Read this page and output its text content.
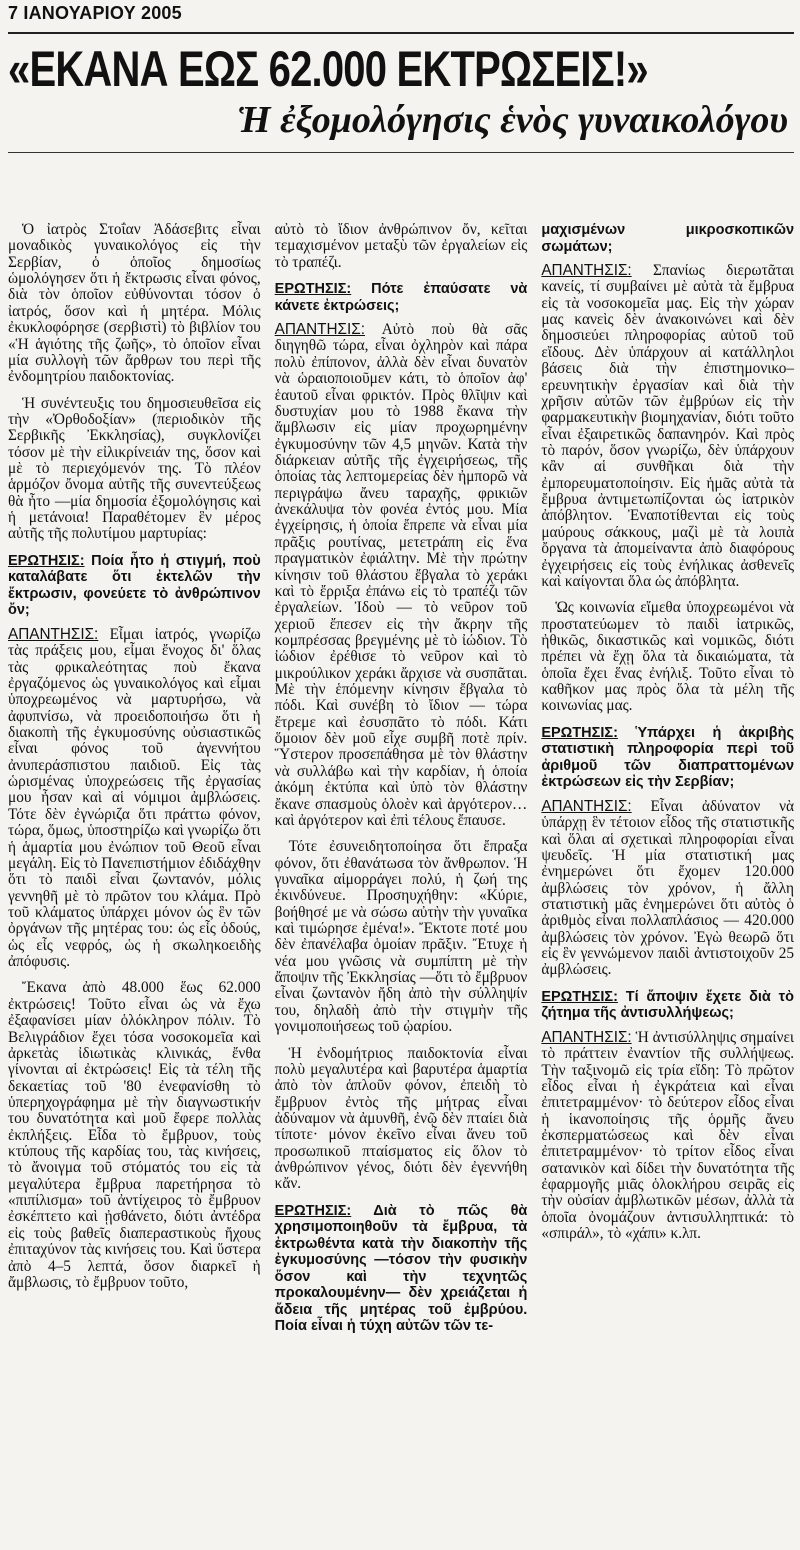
7 ΙΑΝΟΥΑΡΙΟΥ 2005
«ΕΚΑΝΑ ΕΩΣ 62.000 ΕΚΤΡΩΣΕΙΣ!»
Ἡ ἐξομολόγησις ἑνὸς γυναικολόγου

Ὁ ἰατρὸς Στοΐαν Ἀδάσεβιτς εἶναι μοναδικὸς γυναικολόγος εἰς τὴν Σερβίαν, ὁ ὁποῖος δημοσίως ὡμολόγησεν ὅτι ἡ ἔκτρωσις εἶναι φόνος, διὰ τὸν ὁποῖον εὐθύνονται τόσον ὁ ἰατρός, ὅσον καὶ ἡ μητέρα. Μόλις ἐκυκλοφόρησε (σερβιστὶ) τὸ βιβλίον του «Ἡ ἁγιότης τῆς ζωῆς», τὸ ὁποῖον εἶναι μία συλλογὴ τῶν ἄρθρων του περὶ τῆς ἐνδομητρίου παιδοκτονίας.

Ἡ συνέντευξις του δημοσιευθεῖσα εἰς τὴν «Ὀρθοδοξίαν» (περιοδικὸν τῆς Σερβικῆς Ἐκκλησίας), συγκλονίζει τόσον μὲ τὴν εἰλικρίνειάν της, ὅσον καὶ μὲ τὸ περιεχόμενόν της. Τὸ πλέον ἁρμόζον ὄνομα αὐτῆς τῆς συνεντεύξεως θὰ ἦτο —μία δημοσία ἐξομολόγησις καὶ ἡ μετάνοια! Παραθέτομεν ἓν μέρος αὐτῆς τῆς πολυτίμου μαρτυρίας:

ΕΡΩΤΗΣΙΣ: Ποία ἦτο ἡ στιγμή, ποὺ καταλάβατε ὅτι ἐκτελῶν τὴν ἔκτρωσιν, φονεύετε τὸ ἀνθρώπινον ὄν;

ΑΠΑΝΤΗΣΙΣ: Εἶμαι ἰατρός, γνωρίζω τὰς πράξεις μου, εἶμαι ἔνοχος δι' ὅλας τὰς φρικαλεότητας ποὺ ἔκανα ἐργαζόμενος ὡς γυναικολόγος καὶ εἶμαι ὑποχρεωμένος νὰ μαρτυρήσω, νὰ ἀφυπνίσω, νὰ προειδοποιήσω ὅτι ἡ διακοπὴ τῆς ἐγκυμοσύνης οὐσιαστικῶς εἶναι φόνος τοῦ ἀγεννήτου ἀνυπεράσπιστου παιδιοῦ. Εἰς τὰς ὡρισμένας ὑποχρεώσεις τῆς ἐργασίας μου ἦσαν καὶ αἱ νόμιμοι ἀμβλώσεις. Τότε δὲν ἐγνώριζα ὅτι πράττω φόνον, τώρα, ὅμως, ὑποστηρίζω καὶ γνωρίζω ὅτι ἡ ἁμαρτία μου ἐνώπιον τοῦ Θεοῦ εἶναι μεγάλη. Εἰς τὸ Πανεπιστήμιον ἐδιδάχθην ὅτι τὸ παιδὶ εἶναι ζωντανόν, μόλις γεννηθῆ μὲ τὸ πρῶτον του κλάμα. Πρὸ τοῦ κλάματος ὑπάρχει μόνον ὡς ἓν τῶν ὀργάνων τῆς μητέρας του: ὡς εἷς ὀδούς, ὡς εἷς νεφρός, ὡς ἡ σκωληκοειδὴς ἀπόφυσις.

Ἔκανα ἀπὸ 48.000 ἕως 62.000 ἐκτρώσεις! Τοῦτο εἶναι ὡς νὰ ἔχω ἐξαφανίσει μίαν ὁλόκληρον πόλιν. Τὸ Βελιγράδιον ἔχει τόσα νοσοκομεῖα καὶ ἀρκετὰς ἰδιωτικὰς κλινικάς, ἔνθα γίνονται αἱ ἐκτρώσεις! Εἰς τὰ τέλη τῆς δεκαετίας τοῦ '80 ἐνεφανίσθη τὸ ὑπερηχογράφημα μὲ τὴν διαγνωστικήν του δυνατότητα καὶ μοῦ ἔφερε πολλὰς ἐκπλήξεις. Εἶδα τὸ ἔμβρυον, τοὺς κτύπους τῆς καρδίας του, τὰς κινήσεις, τὸ ἄνοιγμα τοῦ στόματός του εἰς τὰ μεγαλύτερα ἔμβρυα παρετήρησα τὸ «πιπίλισμα» τοῦ ἀντίχειρος τὸ ἔμβρυον ἐσκέπτετο καὶ ᾐσθάνετο, διότι ἀντέδρα εἰς τοὺς βαθεῖς διαπεραστικοὺς ἤχους ἐπιταχύνον τὰς κινήσεις του. Καὶ ὕστερα ἀπὸ 4–5 λεπτά, ὅσον διαρκεῖ ἡ ἄμβλωσις, τὸ ἔμβρυον τοῦτο,

αὐτὸ τὸ ἴδιον ἀνθρώπινον ὄν, κεῖται τεμαχισμένον μεταξὺ τῶν ἐργαλείων εἰς τὸ τραπέζι.

ΕΡΩΤΗΣΙΣ: Πότε ἐπαύσατε νὰ κάνετε ἐκτρώσεις;

ΑΠΑΝΤΗΣΙΣ: Αὐτὸ ποὺ θὰ σᾶς διηγηθῶ τώρα, εἶναι ὀχληρὸν καὶ πάρα πολὺ ἐπίπονον, ἀλλὰ δὲν εἶναι δυνατὸν νὰ ὡραιοποιοῦμεν κάτι, τὸ ὁποῖον ἀφ' ἑαυτοῦ εἶναι φρικτόν. Πρὸς θλῖψιν καὶ δυστυχίαν μου τὸ 1988 ἔκανα τὴν ἄμβλωσιν εἰς μίαν προχωρημένην ἐγκυμοσύνην τῶν 4,5 μηνῶν. Κατὰ τὴν διάρκειαν αὐτῆς τῆς ἐγχειρήσεως, τῆς ὁποίας τὰς λεπτομερείας δὲν ἠμπορῶ νὰ περιγράψω ἄνευ ταραχῆς, φρικιῶν ἀνεκάλυψα τὸν φονέα ἐντός μου. Μία ἐγχείρησις, ἡ ὁποία ἔπρεπε νὰ εἶναι μία πρᾶξις ρουτίνας, μετετράπη εἰς ἕνα πραγματικὸν ἐφιάλτην. Μὲ τὴν πρώτην κίνησιν τοῦ θλάστου ἔβγαλα τὸ χεράκι καὶ τὸ ἔρριξα ἐπάνω εἰς τὸ τραπέζι τῶν ἐργαλείων. Ἰδοὺ — τὸ νεῦρον τοῦ χεριοῦ ἔπεσεν εἰς τὴν ἄκρην τῆς κομπρέσσας βρεγμένης μὲ τὸ ἰώδιον. Τὸ ἰώδιον ἐρέθισε τὸ νεῦρον καὶ τὸ μικρούλικον χεράκι ἄρχισε νὰ συσπᾶται. Μὲ τὴν ἑπόμενην κίνησιν ἔβγαλα τὸ πόδι. Καὶ συνέβη τὸ ἴδιον — τώρα ἔτρεμε καὶ ἐσυσπᾶτο τὸ πόδι. Κάτι ὅμοιον δὲν μοῦ εἶχε συμβῆ ποτὲ πρίν. Ὕστερον προσεπάθησα μὲ τὸν θλάστην νὰ συλλάβω καὶ τὴν καρδίαν, ἡ ὁποία ἀκόμη ἐκτύπα καὶ ὑπὸ τὸν θλάστην ἔκανε σπασμοὺς ὁλοὲν καὶ ἀργότερον… καὶ ἀργότερον καὶ ἐπὶ τέλους ἔπαυσε.

Τότε ἐσυνειδητοποίησα ὅτι ἔπραξα φόνον, ὅτι ἐθανάτωσα τὸν ἄνθρωπον. Ἡ γυναῖκα αἱμορράγει πολύ, ἡ ζωή της ἐκινδύνευε. Προσηυχήθην: «Κύριε, βοήθησέ με νὰ σώσω αὐτὴν τὴν γυναῖκα καὶ τιμώρησε ἐμένα!». Ἔκτοτε ποτέ μου δὲν ἐπανέλαβα ὁμοίαν πρᾶξιν. Ἔτυχε ἡ νέα μου γνῶσις νὰ συμπίπτη μὲ τὴν ἄποψιν τῆς Ἐκκλησίας —ὅτι τὸ ἔμβρυον εἶναι ζωντανὸν ἤδη ἀπὸ τὴν σύλληψίν του, δηλαδὴ ἀπὸ τὴν στιγμὴν τῆς γονιμοποιήσεως τοῦ ᾠαρίου.

Ἡ ἐνδομήτριος παιδοκτονία εἶναι πολὺ μεγαλυτέρα καὶ βαρυτέρα ἁμαρτία ἀπὸ τὸν ἁπλοῦν φόνον, ἐπειδὴ τὸ ἔμβρυον ἐντὸς τῆς μήτρας εἶναι ἀδύναμον νὰ ἀμυνθῆ, ἐνῷ δὲν πταίει διὰ τίποτε· μόνον ἐκεῖνο εἶναι ἄνευ τοῦ προσωπικοῦ πταίσματος εἰς ὅλον τὸ ἀνθρώπινον γένος, διότι δὲν ἐγεννήθη κἄν.

ΕΡΩΤΗΣΙΣ: Διὰ τὸ πῶς θὰ χρησιμοποιηθοῦν τὰ ἔμβρυα, τὰ ἐκτρωθέντα κατὰ τὴν διακοπὴν τῆς ἐγκυμοσύνης —τόσον τὴν φυσικὴν ὅσον καὶ τὴν τεχνητῶς προκαλουμένην— δὲν χρειάζεται ἡ ἄδεια τῆς μητέρας τοῦ ἐμβρύου. Ποία εἶναι ἡ τύχη αὐτῶν τῶν τε-
μαχισμένων μικροσκοπικῶν σωμάτων;

ΑΠΑΝΤΗΣΙΣ: Σπανίως διερωτᾶται κανείς, τί συμβαίνει μὲ αὐτὰ τὰ ἔμβρυα εἰς τὰ νοσοκομεῖα μας. Εἰς τὴν χώραν μας κανεὶς δὲν ἀνακοινώνει καὶ δὲν δημοσιεύει πληροφορίας αὐτοῦ τοῦ εἴδους. Δὲν ὑπάρχουν αἱ κατάλληλοι βάσεις διὰ τὴν ἐπιστημονικο–ερευνητικὴν ἐργασίαν καὶ διὰ τὴν χρῆσιν αὐτῶν τῶν ἐμβρύων εἰς τὴν φαρμακευτικὴν βιομηχανίαν, διότι τοῦτο εἶναι ἐξαιρετικῶς δαπανηρόν. Καὶ πρὸς τὸ παρόν, ὅσον γνωρίζω, δὲν ὑπάρχουν κἂν αἱ συνθῆκαι διὰ τὴν ἐμπορευματοποίησιν. Εἰς ἡμᾶς αὐτὰ τὰ ἔμβρυα ἀντιμετωπίζονται ὡς ἰατρικὸν ἀπόβλητον. Ἐναποτίθενται εἰς τοὺς μαύρους σάκκους, μαζὶ μὲ τὰ λοιπὰ ὄργανα τὰ ἀπομείναντα ἀπὸ διαφόρους ἐγχειρήσεις εἰς τοὺς ἐνήλικας ἀσθενεῖς καὶ καίγονται ὅλα ὡς ἀπόβλητα.

Ὡς κοινωνία εἴμεθα ὑποχρεωμένοι νὰ προστατεύωμεν τὸ παιδὶ ἰατρικῶς, ἠθικῶς, δικαστικῶς καὶ νομικῶς, διότι πρέπει νὰ ἔχῃ ὅλα τὰ δικαιώματα, τὰ ὁποῖα ἔχει ἕνας ἐνήλιξ. Τοῦτο εἶναι τὸ καθῆκον μας πρὸς ὅλα τὰ μέλη τῆς κοινωνίας μας.

ΕΡΩΤΗΣΙΣ: Ὑπάρχει ἡ ἀκριβὴς στατιστικὴ πληροφορία περὶ τοῦ ἀριθμοῦ τῶν διαπραττομένων ἐκτρώσεων εἰς τὴν Σερβίαν;

ΑΠΑΝΤΗΣΙΣ: Εἶναι ἀδύνατον νὰ ὑπάρχῃ ἓν τέτοιον εἶδος τῆς στατιστικῆς καὶ ὅλαι αἱ σχετικαὶ πληροφορίαι εἶναι ψευδεῖς. Ἡ μία στατιστική μας ἐνημερώνει ὅτι ἔχομεν 120.000 ἀμβλώσεις τὸν χρόνον, ἡ ἄλλη στατιστικὴ μᾶς ἐνημερώνει ὅτι αὐτὸς ὁ ἀριθμὸς εἶναι πολλαπλάσιος — 420.000 ἀμβλώσεις τὸν χρόνον. Ἐγὼ θεωρῶ ὅτι εἰς ἓν γεννώμενον παιδὶ ἀντιστοιχοῦν 25 ἀμβλώσεις.

ΕΡΩΤΗΣΙΣ: Τί ἄποψιν ἔχετε διὰ τὸ ζήτημα τῆς ἀντισυλλήψεως;

ΑΠΑΝΤΗΣΙΣ: Ἡ ἀντισύλληψις σημαίνει τὸ πράττειν ἐναντίον τῆς συλλήψεως. Τὴν ταξινομῶ εἰς τρία εἴδη: Τὸ πρῶτον εἶδος εἶναι ἡ ἐγκράτεια καὶ εἶναι ἐπιτετραμμένον· τὸ δεύτερον εἶδος εἶναι ἡ ἱκανοποίησις τῆς ὁρμῆς ἄνευ ἐκσπερματώσεως καὶ δὲν εἶναι ἐπιτετραμμένον· τὸ τρίτον εἶδος εἶναι σατανικὸν καὶ δίδει τὴν δυνατότητα τῆς ἐφαρμογῆς μιᾶς ὁλοκλήρου σειρᾶς εἰς τὴν οὐσίαν ἀμβλωτικῶν μέσων, ἀλλὰ τὰ ὁποῖα ὀνομάζουν ἀντισυλληπτικά: τὸ «σπιράλ», τὸ «χάπι» κ.λπ.
